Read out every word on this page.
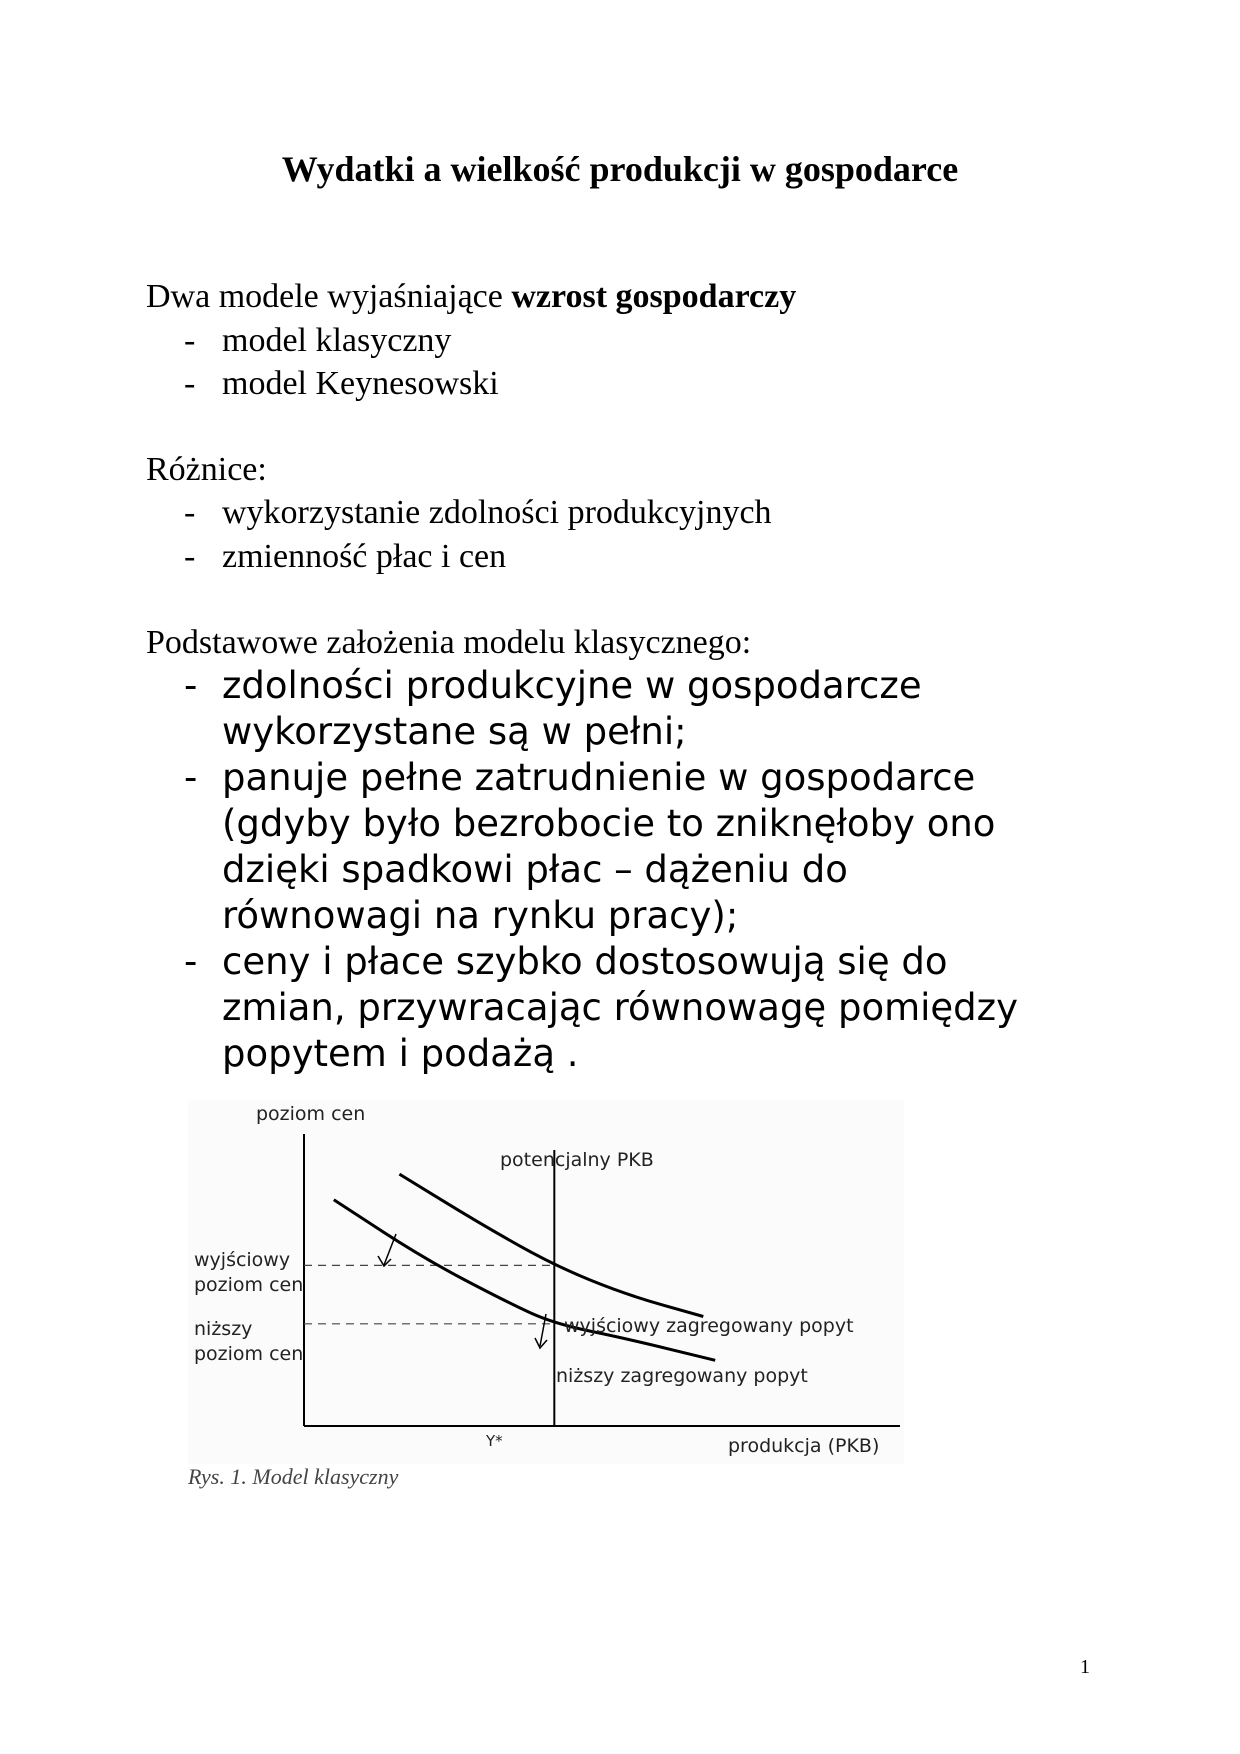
Wydatki a wielkość produkcji w gospodarce
Dwa modele wyjaśniające wzrost gospodarczy
- model klasyczny
- model Keynesowski
Różnice:
- wykorzystanie zdolności produkcyjnych
- zmienność płac i cen
Podstawowe założenia modelu klasycznego:
- zdolności produkcyjne w gospodarcze
wykorzystane są w pełni;
- panuje pełne zatrudnienie w gospodarce
(gdyby było bezrobocie to zniknęłoby ono
dzięki spadkowi płac – dążeniu do
równowagi na rynku pracy);
- ceny i płace szybko dostosowują się do
zmian, przywracając równowagę pomiędzy
popytem i podażą .
poziom cen
produkcja (PKB)
potencjalny PKB
Y*
wyjściowy
poziom cen
niższy
poziom cen
wyjściowy zagregowany popyt
niższy zagregowany popyt
Rys. 1. Model klasyczny
1
